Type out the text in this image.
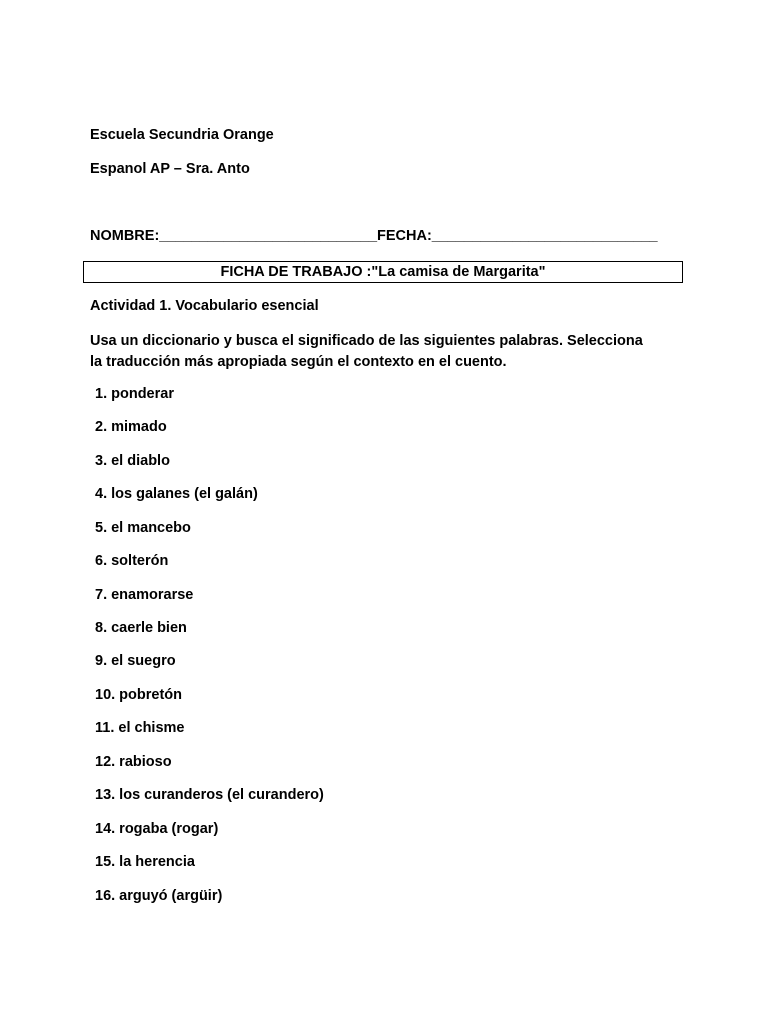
Escuela Secundria Orange
Espanol AP – Sra. Anto
NOMBRE:___________________________FECHA:____________________________
FICHA DE TRABAJO :"La camisa de Margarita"
Actividad 1. Vocabulario esencial
Usa un diccionario y busca el significado de las siguientes palabras. Selecciona
la traducción más apropiada según el contexto en el cuento.
1. ponderar
2. mimado
3. el diablo
4. los galanes (el galán)
5. el mancebo
6. solterón
7. enamorarse
8. caerle bien
9. el suegro
10. pobretón
11. el chisme
12. rabioso
13. los curanderos (el curandero)
14. rogaba (rogar)
15. la herencia
16. arguyó (argüir)
